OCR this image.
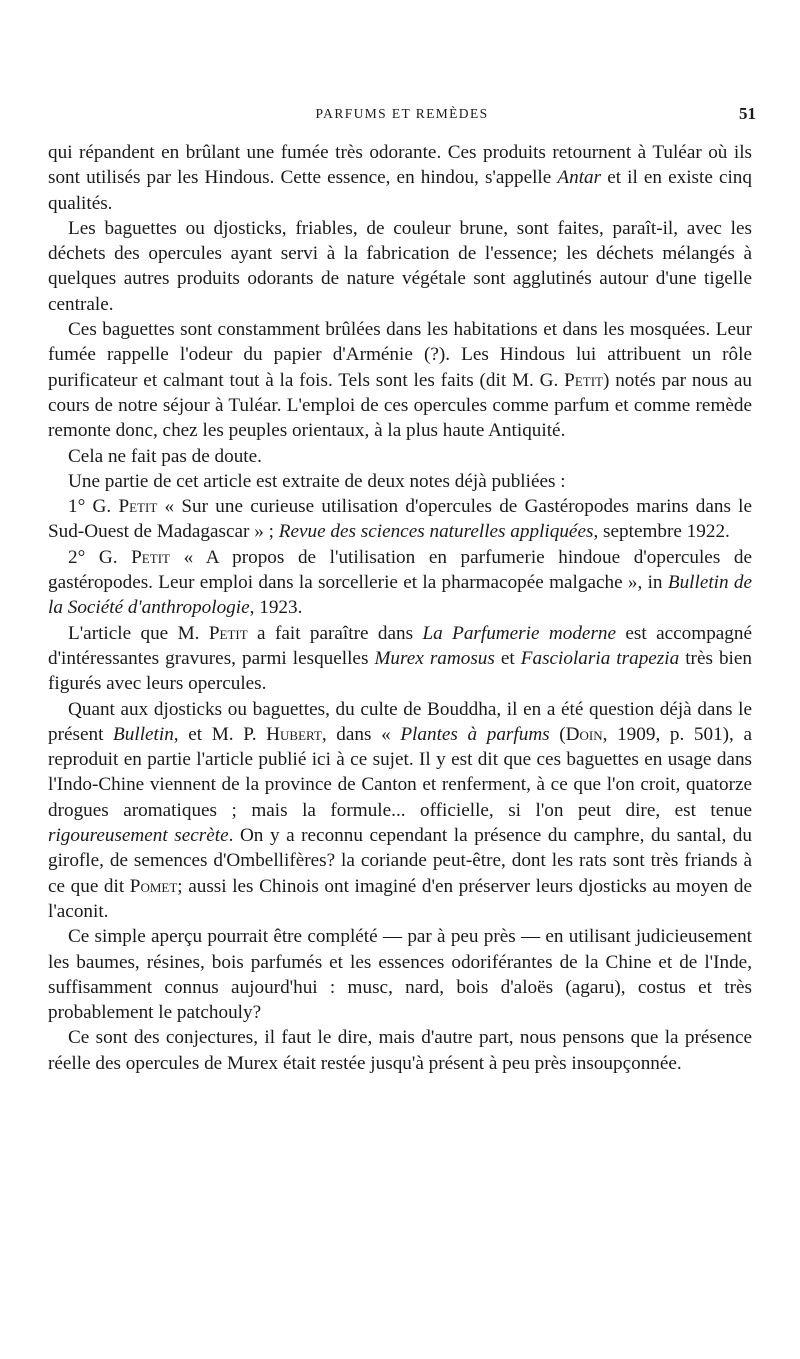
PARFUMS ET REMÈDES	51

qui répandent en brûlant une fumée très odorante. Ces produits retournent à Tuléar où ils sont utilisés par les Hindous. Cette essence, en hindou, s'appelle Antar et il en existe cinq qualités.

Les baguettes ou djosticks, friables, de couleur brune, sont faites, paraît-il, avec les déchets des opercules ayant servi à la fabrication de l'essence; les déchets mélangés à quelques autres produits odorants de nature végétale sont agglutinés autour d'une tigelle centrale.

Ces baguettes sont constamment brûlées dans les habitations et dans les mosquées. Leur fumée rappelle l'odeur du papier d'Arménie (?). Les Hindous lui attribuent un rôle purificateur et calmant tout à la fois. Tels sont les faits (dit M. G. Petit) notés par nous au cours de notre séjour à Tuléar. L'emploi de ces opercules comme parfum et comme remède remonte donc, chez les peuples orientaux, à la plus haute Antiquité.

Cela ne fait pas de doute.

Une partie de cet article est extraite de deux notes déjà publiées :

1° G. Petit « Sur une curieuse utilisation d'opercules de Gastéropodes marins dans le Sud-Ouest de Madagascar » ; Revue des sciences naturelles appliquées, septembre 1922.

2° G. Petit « A propos de l'utilisation en parfumerie hindoue d'opercules de gastéropodes. Leur emploi dans la sorcellerie et la pharmacopée malgache », in Bulletin de la Société d'anthropologie, 1923.

L'article que M. Petit a fait paraître dans La Parfumerie moderne est accompagné d'intéressantes gravures, parmi lesquelles Murex ramosus et Fasciolaria trapezia très bien figurés avec leurs opercules.

Quant aux djosticks ou baguettes, du culte de Bouddha, il en a été question déjà dans le présent Bulletin, et M. P. Hubert, dans « Plantes à parfums (Doin, 1909, p. 501), a reproduit en partie l'article publié ici à ce sujet. Il y est dit que ces baguettes en usage dans l'Indo-Chine viennent de la province de Canton et renferment, à ce que l'on croit, quatorze drogues aromatiques ; mais la formule... officielle, si l'on peut dire, est tenue rigoureusement secrète. On y a reconnu cependant la présence du camphre, du santal, du girofle, de semences d'Ombellifères? la coriande peut-être, dont les rats sont très friands à ce que dit Pomet; aussi les Chinois ont imaginé d'en préserver leurs djosticks au moyen de l'aconit.

Ce simple aperçu pourrait être complété — par à peu près — en utilisant judicieusement les baumes, résines, bois parfumés et les essences odoriférantes de la Chine et de l'Inde, suffisamment connus aujourd'hui : musc, nard, bois d'aloës (agaru), costus et très probablement le patchouly?

Ce sont des conjectures, il faut le dire, mais d'autre part, nous pensons que la présence réelle des opercules de Murex était restée jusqu'à présent à peu près insoupçonnée.
